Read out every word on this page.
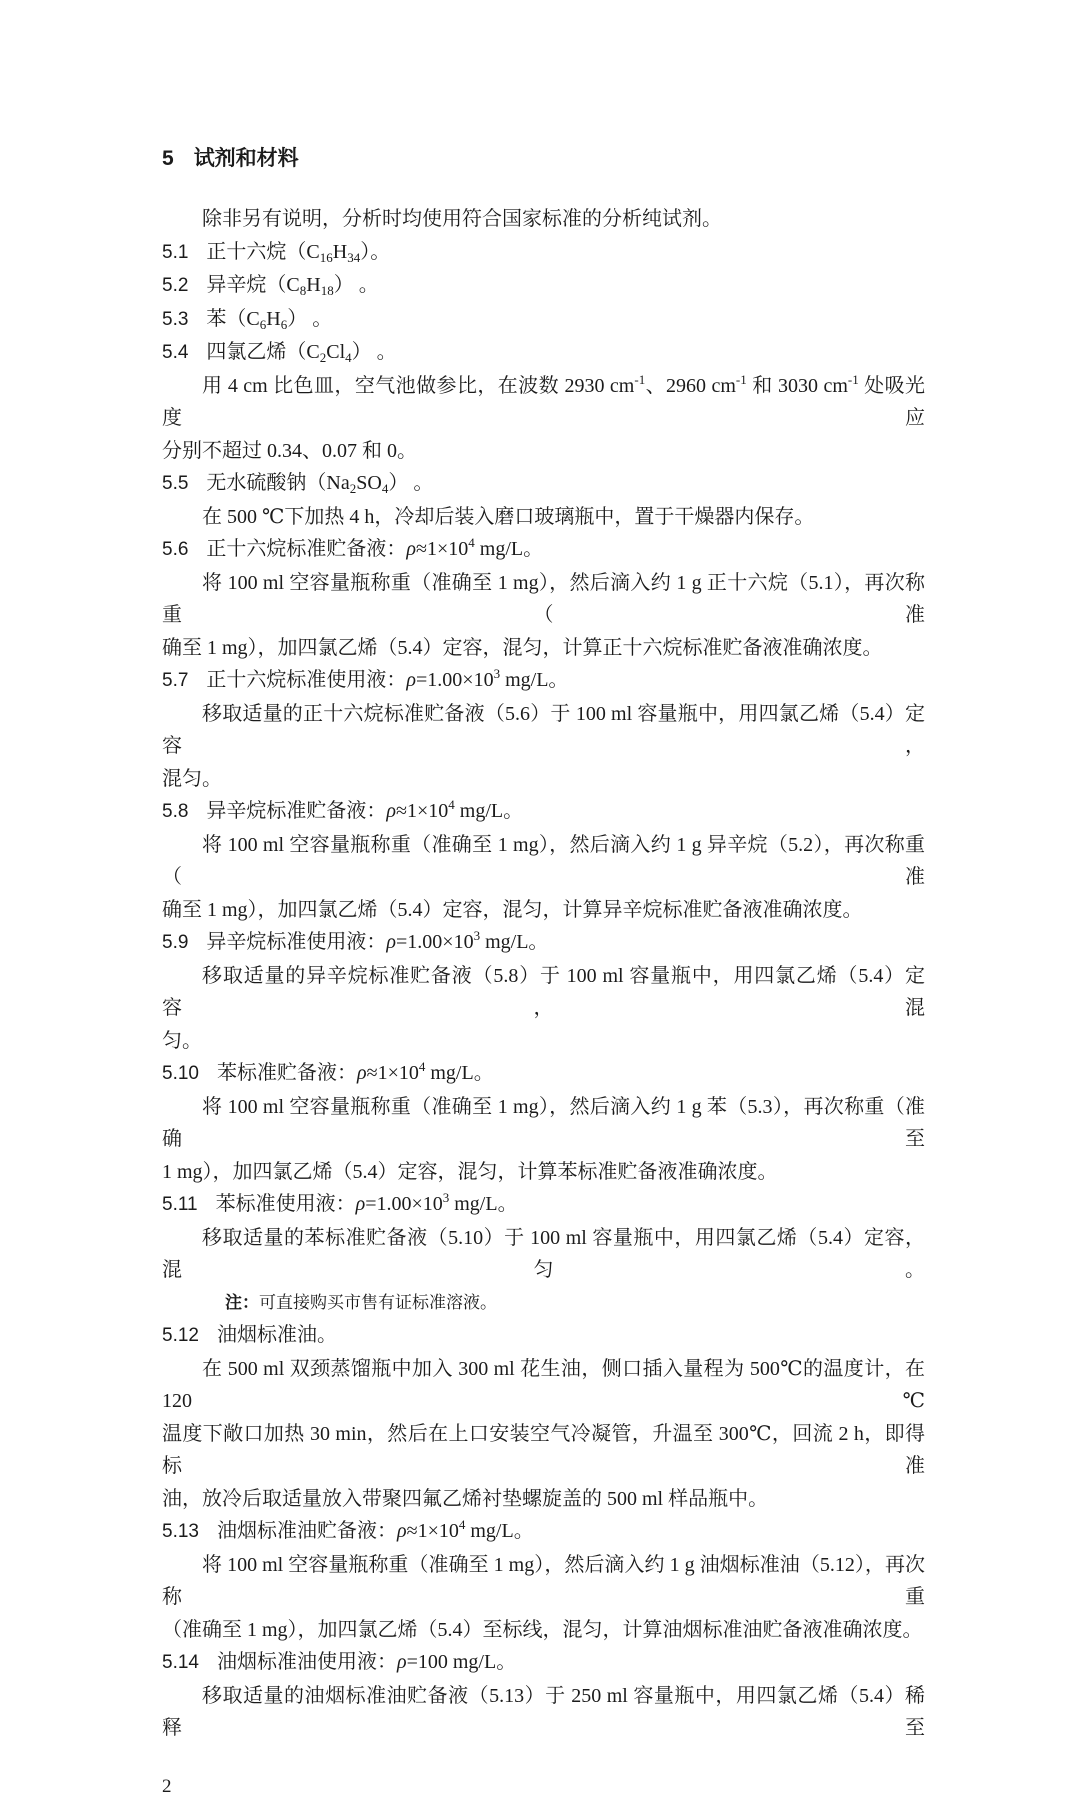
5 试剂和材料
除非另有说明，分析时均使用符合国家标准的分析纯试剂。
5.1 正十六烷$(C_{16}H_{34})$。
5.2 异辛烷$(C_8H_{18})$ 。
5.3 苯$(C_6H_6)$ 。
5.4 四氯乙烯$(C_2Cl_4)$ 。
用 4 cm 比色皿，空气池做参比，在波数 2930 $cm^{-1}$、2960 $cm^{-1}$ 和 3030 $cm^{-1}$ 处吸光度应
分别不超过 0.34、0.07 和 0。
5.5 无水硫酸钠$(Na_2SO_4)$ 。
在 500 ℃下加热 4 h，冷却后装入磨口玻璃瓶中，置于干燥器内保存。
5.6 正十六烷标准贮备液：$\rho\approx 1\times 10^4$ mg/L。
将 100 ml 空容量瓶称重（准确至 1 mg），然后滴入约 1 g 正十六烷（5.1），再次称重（准
确至 1 mg），加四氯乙烯（5.4）定容，混匀，计算正十六烷标准贮备液准确浓度。
5.7 正十六烷标准使用液：$\rho=1.00\times 10^3$ mg/L。
移取适量的正十六烷标准贮备液（5.6）于 100 ml 容量瓶中，用四氯乙烯（5.4）定容，
混匀。
5.8 异辛烷标准贮备液：$\rho\approx 1\times 10^4$ mg/L。
将 100 ml 空容量瓶称重（准确至 1 mg），然后滴入约 1 g 异辛烷（5.2），再次称重（准
确至 1 mg），加四氯乙烯（5.4）定容，混匀，计算异辛烷标准贮备液准确浓度。
5.9 异辛烷标准使用液：$\rho=1.00\times 10^3$ mg/L。
移取适量的异辛烷标准贮备液（5.8）于 100 ml 容量瓶中，用四氯乙烯（5.4）定容，混
匀。
5.10 苯标准贮备液：$\rho\approx 1\times 10^4$ mg/L。
将 100 ml 空容量瓶称重（准确至 1 mg），然后滴入约 1 g 苯（5.3），再次称重（准确至
1 mg），加四氯乙烯（5.4）定容，混匀，计算苯标准贮备液准确浓度。
5.11 苯标准使用液：$\rho=1.00\times 10^3$ mg/L。
移取适量的苯标准贮备液（5.10）于 100 ml 容量瓶中，用四氯乙烯（5.4）定容，混匀。
注：可直接购买市售有证标准溶液。
5.12 油烟标准油。
在 500 ml 双颈蒸馏瓶中加入 300 ml 花生油，侧口插入量程为 500℃的温度计，在 120℃
温度下敞口加热 30 min，然后在上口安装空气冷凝管，升温至 300℃，回流 2 h，即得标准
油，放冷后取适量放入带聚四氟乙烯衬垫螺旋盖的 500 ml 样品瓶中。
5.13 油烟标准油贮备液：$\rho\approx 1\times 10^4$ mg/L。
将 100 ml 空容量瓶称重（准确至 1 mg），然后滴入约 1 g 油烟标准油（5.12），再次称重
（准确至 1 mg），加四氯乙烯（5.4）至标线，混匀，计算油烟标准油贮备液准确浓度。
5.14 油烟标准油使用液：ρ=100 mg/L。
移取适量的油烟标准油贮备液（5.13）于 250 ml 容量瓶中，用四氯乙烯（5.4）稀释至
2
